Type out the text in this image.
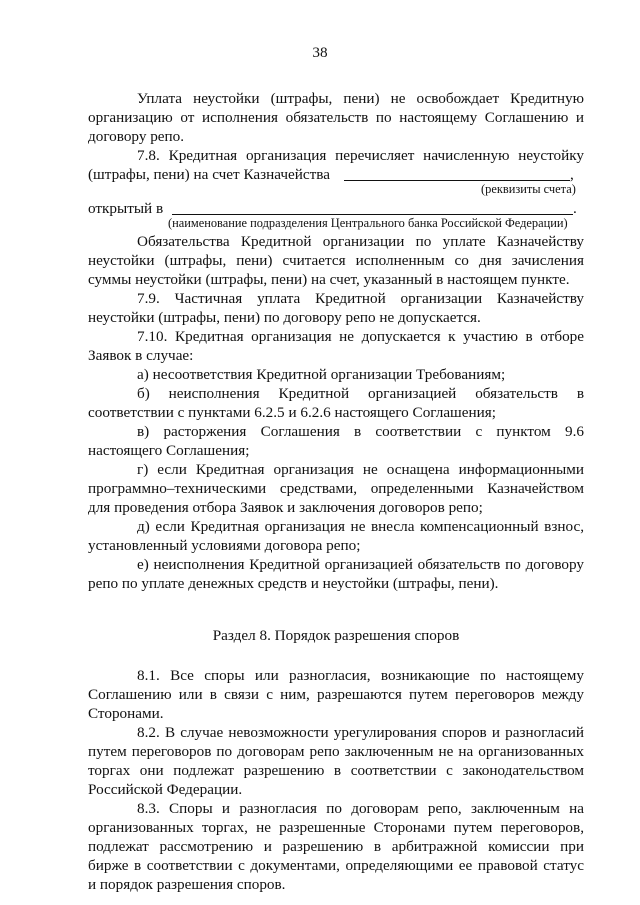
38
Уплата неустойки (штрафы, пени) не освобождает Кредитную
организацию от исполнения обязательств по настоящему Соглашению и
договору репо.
7.8. Кредитная организация перечисляет начисленную неустойку
(штрафы, пени) на счет Казначейства	,
(реквизиты счета)
открытый в	.
(наименование подразделения Центрального банка Российской Федерации)
Обязательства Кредитной организации по уплате Казначейству
неустойки (штрафы, пени) считается исполненным со дня зачисления
суммы неустойки (штрафы, пени) на счет, указанный в настоящем пункте.
7.9. Частичная уплата Кредитной организации Казначейству
неустойки (штрафы, пени) по договору репо не допускается.
7.10. Кредитная организация не допускается к участию в отборе
Заявок в случае:
а) несоответствия Кредитной организации Требованиям;
б) неисполнения Кредитной организацией обязательств в
соответствии с пунктами 6.2.5 и 6.2.6 настоящего Соглашения;
в) расторжения Соглашения в соответствии с пунктом 9.6
настоящего Соглашения;
г) если Кредитная организация не оснащена информационными
программно–техническими средствами, определенными Казначейством
для проведения отбора Заявок и заключения договоров репо;
д) если Кредитная организация не внесла компенсационный взнос,
установленный условиями договора репо;
е) неисполнения Кредитной организацией обязательств по договору
репо по уплате денежных средств и неустойки (штрафы, пени).
Раздел 8. Порядок разрешения споров
8.1. Все споры или разногласия, возникающие по настоящему
Соглашению или в связи с ним, разрешаются путем переговоров между
Сторонами.
8.2. В случае невозможности урегулирования споров и разногласий
путем переговоров по договорам репо заключенным не на организованных
торгах они подлежат разрешению в соответствии с законодательством
Российской Федерации.
8.3. Споры и разногласия по договорам репо, заключенным на
организованных торгах, не разрешенные Сторонами путем переговоров,
подлежат рассмотрению и разрешению в арбитражной комиссии при
бирже в соответствии с документами, определяющими ее правовой статус
и порядок разрешения споров.
